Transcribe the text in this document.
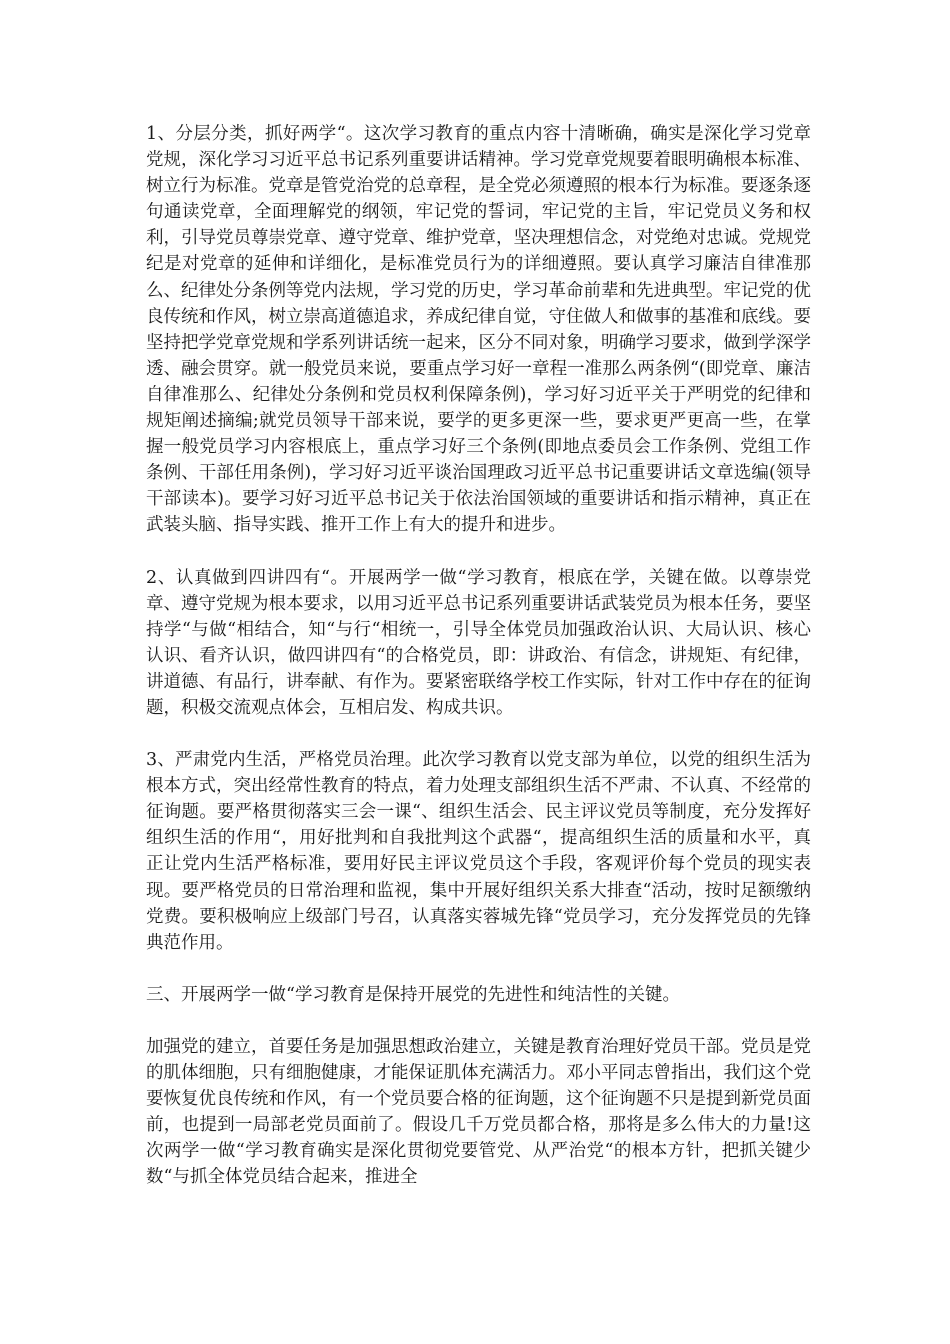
1、分层分类，抓好两学“。这次学习教育的重点内容十清晰确，确实是深化学习党章党规，深化学习习近平总书记系列重要讲话精神。学习党章党规要着眼明确根本标准、树立行为标准。党章是管党治党的总章程，是全党必须遵照的根本行为标准。要逐条逐句通读党章，全面理解党的纲领，牢记党的誓词，牢记党的主旨，牢记党员义务和权利，引导党员尊崇党章、遵守党章、维护党章，坚决理想信念，对党绝对忠诚。党规党纪是对党章的延伸和详细化，是标准党员行为的详细遵照。要认真学习廉洁自律准那么、纪律处分条例等党内法规，学习党的历史，学习革命前辈和先进典型。牢记党的优良传统和作风，树立崇高道德追求，养成纪律自觉，守住做人和做事的基准和底线。要坚持把学党章党规和学系列讲话统一起来，区分不同对象，明确学习要求，做到学深学透、融会贯穿。就一般党员来说，要重点学习好一章程一准那么两条例“(即党章、廉洁自律准那么、纪律处分条例和党员权利保障条例)，学习好习近平关于严明党的纪律和规矩阐述摘编;就党员领导干部来说，要学的更多更深一些，要求更严更高一些，在掌握一般党员学习内容根底上，重点学习好三个条例(即地点委员会工作条例、党组工作条例、干部任用条例)，学习好习近平谈治国理政习近平总书记重要讲话文章选编(领导干部读本)。要学习好习近平总书记关于依法治国领域的重要讲话和指示精神，真正在武装头脑、指导实践、推开工作上有大的提升和进步。

2、认真做到四讲四有“。开展两学一做“学习教育，根底在学，关键在做。以尊崇党章、遵守党规为根本要求，以用习近平总书记系列重要讲话武装党员为根本任务，要坚持学“与做“相结合，知“与行“相统一，引导全体党员加强政治认识、大局认识、核心认识、看齐认识，做四讲四有“的合格党员，即：讲政治、有信念，讲规矩、有纪律，讲道德、有品行，讲奉献、有作为。要紧密联络学校工作实际，针对工作中存在的征询题，积极交流观点体会，互相启发、构成共识。

3、严肃党内生活，严格党员治理。此次学习教育以党支部为单位，以党的组织生活为根本方式，突出经常性教育的特点，着力处理支部组织生活不严肃、不认真、不经常的征询题。要严格贯彻落实三会一课“、组织生活会、民主评议党员等制度，充分发挥好组织生活的作用“，用好批判和自我批判这个武器“，提高组织生活的质量和水平，真正让党内生活严格标准，要用好民主评议党员这个手段，客观评价每个党员的现实表现。要严格党员的日常治理和监视，集中开展好组织关系大排查“活动，按时足额缴纳党费。要积极响应上级部门号召，认真落实蓉城先锋“党员学习，充分发挥党员的先锋典范作用。

三、开展两学一做“学习教育是保持开展党的先进性和纯洁性的关键。

加强党的建立，首要任务是加强思想政治建立，关键是教育治理好党员干部。党员是党的肌体细胞，只有细胞健康，才能保证肌体充满活力。邓小平同志曾指出，我们这个党要恢复优良传统和作风，有一个党员要合格的征询题，这个征询题不只是提到新党员面前，也提到一局部老党员面前了。假设几千万党员都合格，那将是多么伟大的力量!这次两学一做“学习教育确实是深化贯彻党要管党、从严治党“的根本方针，把抓关键少数“与抓全体党员结合起来，推进全
